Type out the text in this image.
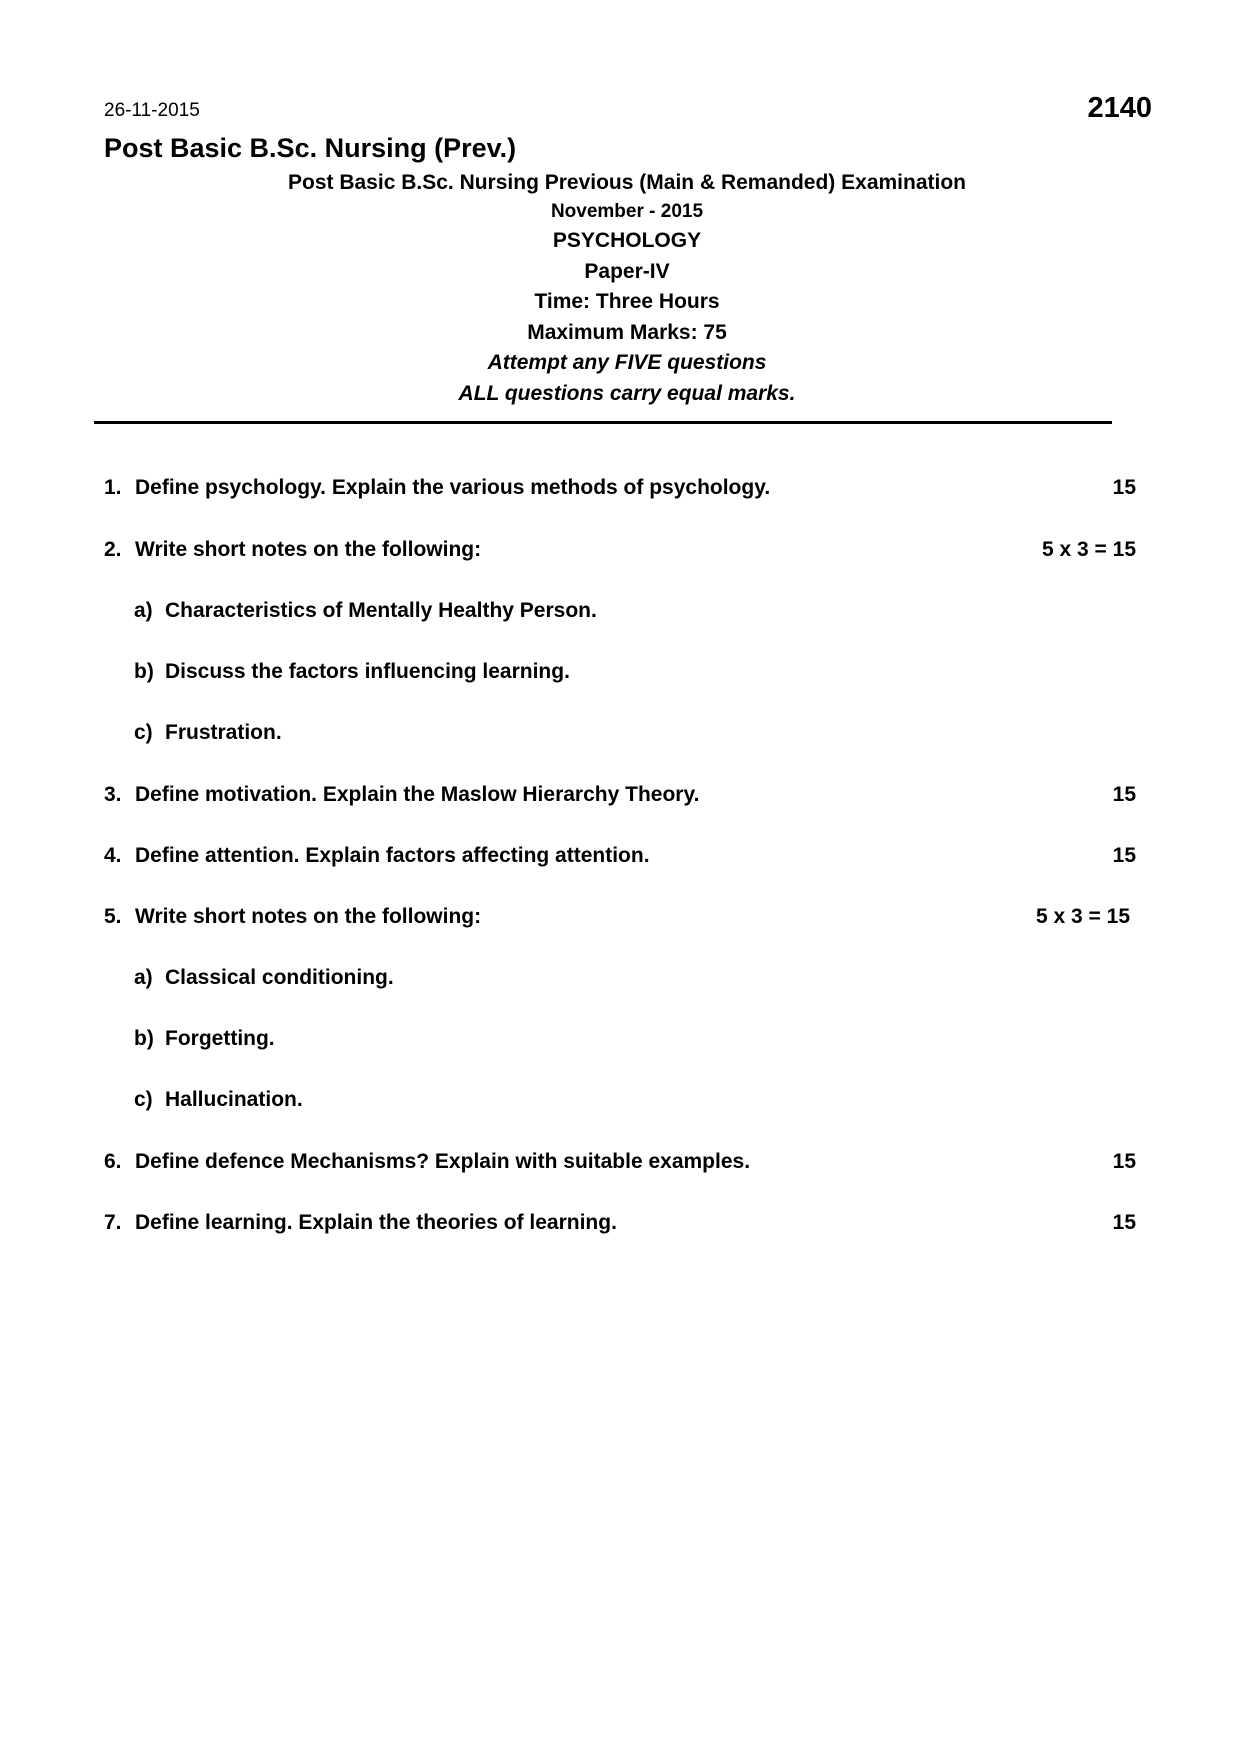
26-11-2015	2140
Post Basic B.Sc. Nursing (Prev.)
Post Basic B.Sc. Nursing Previous (Main & Remanded) Examination
November - 2015
PSYCHOLOGY
Paper-IV
Time: Three Hours
Maximum Marks: 75
Attempt any FIVE questions
ALL questions carry equal marks.
1. Define psychology. Explain the various methods of psychology.	15
2. Write short notes on the following:	5 x 3 = 15
a) Characteristics of Mentally Healthy Person.
b) Discuss the factors influencing learning.
c) Frustration.
3. Define motivation. Explain the Maslow Hierarchy Theory.	15
4. Define attention. Explain factors affecting attention.	15
5. Write short notes on the following:	5 x 3 = 15
a) Classical conditioning.
b) Forgetting.
c) Hallucination.
6. Define defence Mechanisms? Explain with suitable examples.	15
7. Define learning. Explain the theories of learning.	15
